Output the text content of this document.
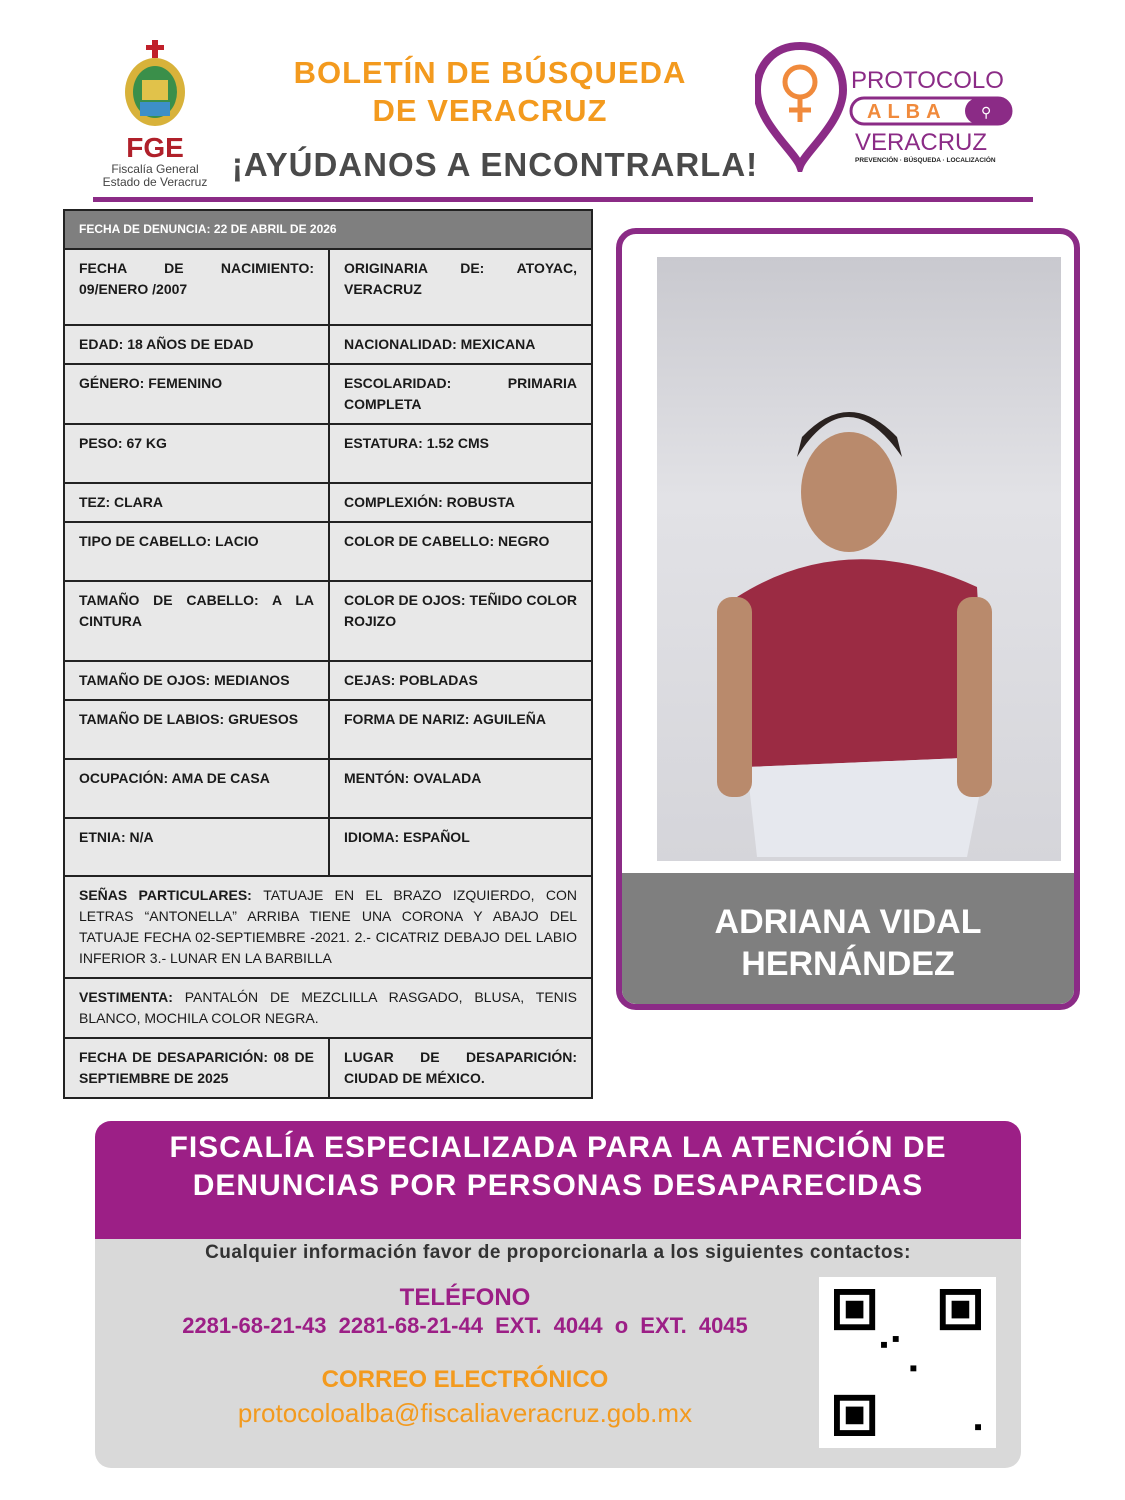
FGE
Fiscalía General
Estado de Veracruz
BOLETÍN DE BÚSQUEDA
DE VERACRUZ
¡AYÚDANOS A ENCONTRARLA!
PROTOCOLO
ALBA ⚲
VERACRUZ
PREVENCIÓN · BÚSQUEDA · LOCALIZACIÓN
FECHA DE DENUNCIA: 22 DE ABRIL DE 2026	
FECHA DE NACIMIENTO: 09/ENERO /2007	ORIGINARIA DE: ATOYAC, VERACRUZ
EDAD: 18 AÑOS DE EDAD	NACIONALIDAD: MEXICANA
GÉNERO: FEMENINO	ESCOLARIDAD: PRIMARIA COMPLETA
PESO: 67 KG	ESTATURA: 1.52 CMS
TEZ: CLARA	COMPLEXIÓN: ROBUSTA
TIPO DE CABELLO: LACIO	COLOR DE CABELLO: NEGRO
TAMAÑO DE CABELLO: A LA CINTURA	COLOR DE OJOS: TEÑIDO COLOR ROJIZO
TAMAÑO DE OJOS: MEDIANOS	CEJAS: POBLADAS
TAMAÑO DE LABIOS: GRUESOS	FORMA DE NARIZ: AGUILEÑA
OCUPACIÓN: AMA DE CASA	MENTÓN: OVALADA
ETNIA: N/A	IDIOMA: ESPAÑOL
SEÑAS PARTICULARES: TATUAJE EN EL BRAZO IZQUIERDO, CON LETRAS “ANTONELLA” ARRIBA TIENE UNA CORONA Y ABAJO DEL TATUAJE FECHA 02-SEPTIEMBRE -2021. 2.- CICATRIZ DEBAJO DEL LABIO INFERIOR 3.- LUNAR EN LA BARBILLA	
VESTIMENTA: PANTALÓN DE MEZCLILLA RASGADO, BLUSA, TENIS BLANCO, MOCHILA COLOR NEGRA.	
FECHA DE DESAPARICIÓN: 08 DE SEPTIEMBRE DE 2025	LUGAR DE DESAPARICIÓN: CIUDAD DE MÉXICO.
ADRIANA VIDAL
HERNÁNDEZ
FISCALÍA ESPECIALIZADA PARA LA ATENCIÓN DE
DENUNCIAS POR PERSONAS DESAPARECIDAS
Cualquier información favor de proporcionarla a los siguientes contactos:
TELÉFONO
2281-68-21-43 2281-68-21-44 EXT. 4044 o EXT. 4045
CORREO ELECTRÓNICO
protocoloalba@fiscaliaveracruz.gob.mx
